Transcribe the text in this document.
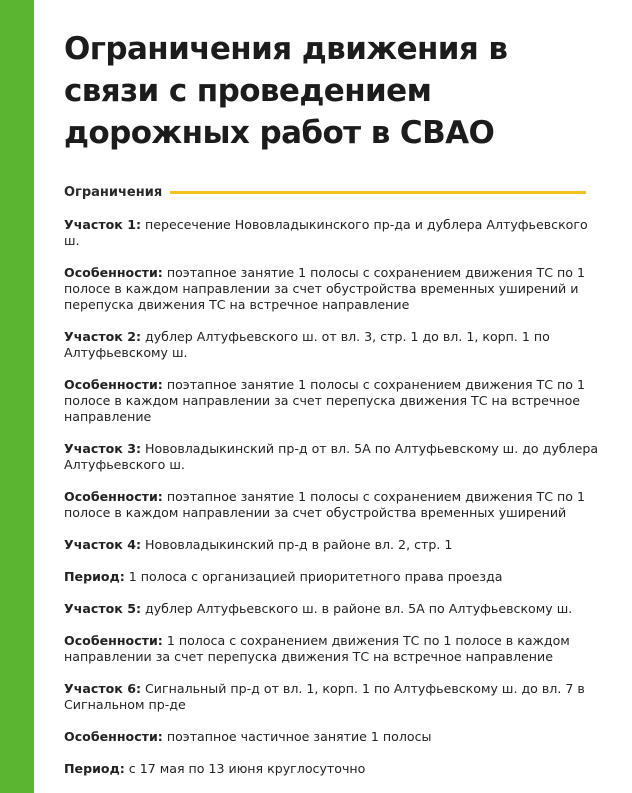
Ограничения движения в связи с проведением дорожных работ в СВАО
Ограничения

Участок 1: пересечение Нововладыкинского пр-да и дублера Алтуфьевского ш.

Особенности: поэтапное занятие 1 полосы с сохранением движения ТС по 1 полосе в каждом направлении за счет обустройства временных уширений и перепуска движения ТС на встречное направление

Участок 2: дублер Алтуфьевского ш. от вл. 3, стр. 1 до вл. 1, корп. 1 по Алтуфьевскому ш.

Особенности: поэтапное занятие 1 полосы с сохранением движения ТС по 1 полосе в каждом направлении за счет перепуска движения ТС на встречное направление

Участок 3: Нововладыкинский пр-д от вл. 5А по Алтуфьевскому ш. до дублера Алтуфьевского ш.

Особенности: поэтапное занятие 1 полосы с сохранением движения ТС по 1 полосе в каждом направлении за счет обустройства временных уширений

Участок 4: Нововладыкинский пр-д в районе вл. 2, стр. 1

Период: 1 полоса с организацией приоритетного права проезда

Участок 5: дублер Алтуфьевского ш. в районе вл. 5А по Алтуфьевскому ш.

Особенности: 1 полоса с сохранением движения ТС по 1 полосе в каждом направлении за счет перепуска движения ТС на встречное направление

Участок 6: Сигнальный пр-д от вл. 1, корп. 1 по Алтуфьевскому ш. до вл. 7 в Сигнальном пр-де

Особенности: поэтапное частичное занятие 1 полосы

Период: с 17 мая по 13 июня круглосуточно
